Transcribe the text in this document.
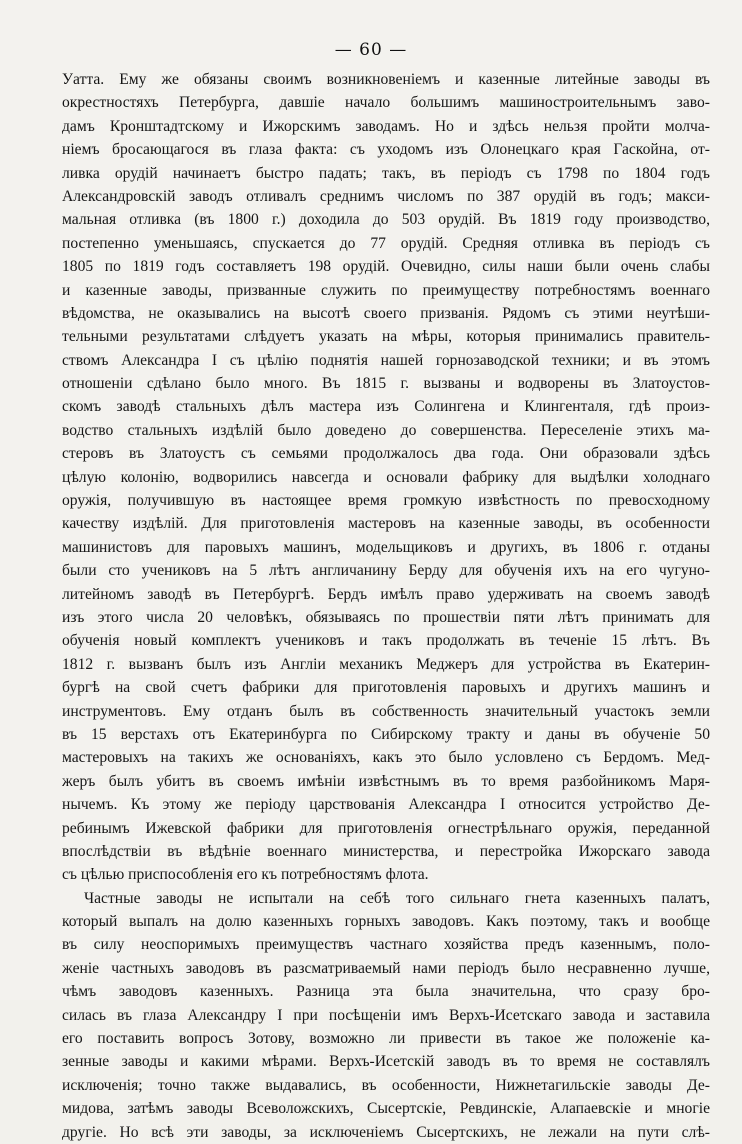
— 60 —
Уатта. Ему же обязаны своимъ возникновенiемъ и казенные литейные заводы въ
окрестностяхъ Петербурга, давшiе начало большимъ машиностроительнымъ заво-
дамъ Кронштадтскому и Ижорскимъ заводамъ. Но и здѣсь нельзя пройти молча-
нiемъ бросающагося въ глаза факта: съ уходомъ изъ Олонецкаго края Гаскойна, от-
ливка орудiй начинаетъ быстро падать; такъ, въ перiодъ съ 1798 по 1804 годъ
Александровскiй заводъ отливалъ среднимъ числомъ по 387 орудiй въ годъ; макси-
мальная отливка (въ 1800 г.) доходила до 503 орудiй. Въ 1819 году производство,
постепенно уменьшаясь, спускается до 77 орудiй. Средняя отливка въ перiодъ съ
1805 по 1819 годъ составляетъ 198 орудiй. Очевидно, силы наши были очень слабы
и казенные заводы, призванные служить по преимуществу потребностямъ военнаго
вѣдомства, не оказывались на высотѣ своего призванiя. Рядомъ съ этими неутѣши-
тельными результатами слѣдуетъ указать на мѣры, которыя принимались правитель-
ствомъ Александра I съ цѣлiю поднятiя нашей горнозаводской техники; и въ этомъ
отношенiи сдѣлано было много. Въ 1815 г. вызваны и водворены въ Златоустов-
скомъ заводѣ стальныхъ дѣлъ мастера изъ Солингена и Клингенталя, гдѣ произ-
водство стальныхъ издѣлiй было доведено до совершенства. Переселенiе этихъ ма-
стеровъ въ Златоустъ съ семьями продолжалось два года. Они образовали здѣсь
цѣлую колонiю, водворились навсегда и основали фабрику для выдѣлки холоднаго
оружiя, получившую въ настоящее время громкую извѣстность по превосходному
качеству издѣлiй. Для приготовленiя мастеровъ на казенные заводы, въ особенности
машинистовъ для паровыхъ машинъ, модельщиковъ и другихъ, въ 1806 г. отданы
были сто учениковъ на 5 лѣтъ англичанину Берду для обученiя ихъ на его чугуно-
литейномъ заводѣ въ Петербургѣ. Бердъ имѣлъ право удерживать на своемъ заводѣ
изъ этого числа 20 человѣкъ, обязываясь по прошествiи пяти лѣтъ принимать для
обученiя новый комплектъ учениковъ и такъ продолжать въ теченiе 15 лѣтъ. Въ
1812 г. вызванъ былъ изъ Англiи механикъ Меджеръ для устройства въ Екатерин-
бургѣ на свой счетъ фабрики для приготовленiя паровыхъ и другихъ машинъ и
инструментовъ. Ему отданъ былъ въ собственность значительный участокъ земли
въ 15 верстахъ отъ Екатеринбурга по Сибирскому тракту и даны въ обученiе 50
мастеровыхъ на такихъ же основанiяхъ, какъ это было условлено съ Бердомъ. Мед-
жеръ былъ убитъ въ своемъ имѣнiи извѣстнымъ въ то время разбойникомъ Маря-
нычемъ. Къ этому же перiоду царствованiя Александра I относится устройство Де-
ребинымъ Ижевской фабрики для приготовленiя огнестрѣльнаго оружiя, переданной
впослѣдствiи въ вѣдѣнiе военнаго министерства, и перестройка Ижорскаго завода
съ цѣлью приспособленiя его къ потребностямъ флота.
Частные заводы не испытали на себѣ того сильнаго гнета казенныхъ палатъ,
который выпалъ на долю казенныхъ горныхъ заводовъ. Какъ поэтому, такъ и вообще
въ силу неоспоримыхъ преимуществъ частнаго хозяйства предъ казеннымъ, поло-
женiе частныхъ заводовъ въ разсматриваемый нами перiодъ было несравненно лучше,
чѣмъ заводовъ казенныхъ. Разница эта была значительна, что сразу бро-
силась въ глаза Александру I при посѣщенiи имъ Верхъ-Исетскаго завода и заставила
его поставить вопросъ Зотову, возможно ли привести въ такое же положенiе ка-
зенные заводы и какими мѣрами. Верхъ-Исетскiй заводъ въ то время не составлялъ
исключенiя; точно также выдавались, въ особенности, Нижнетагильскiе заводы Де-
мидова, затѣмъ заводы Всеволожскихъ, Сысертскiе, Ревдинскiе, Алапаевскiе и многiе
другiе. Но всѣ эти заводы, за исключенiемъ Сысертскихъ, не лежали на пути слѣ-
